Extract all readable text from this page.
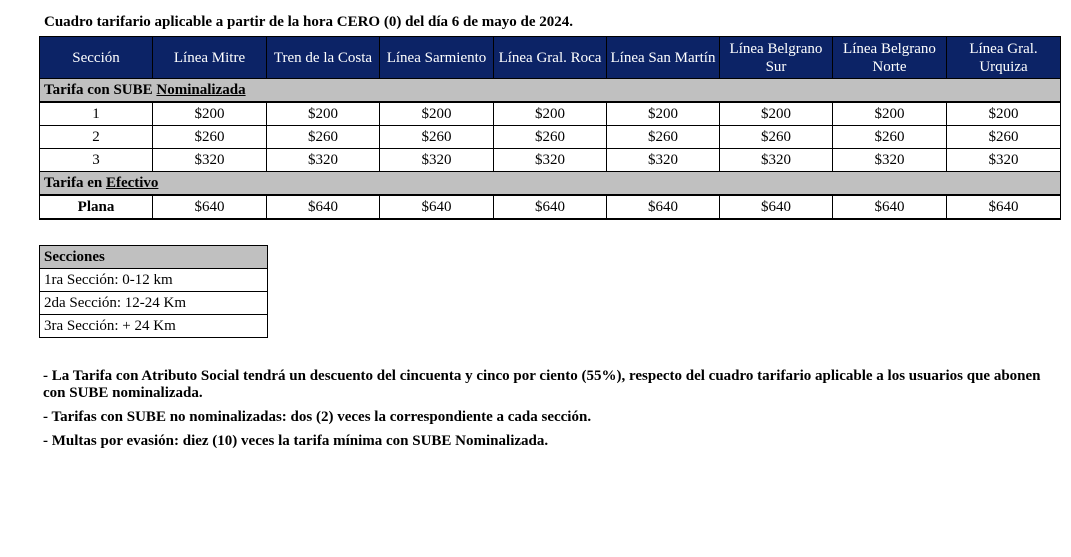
Cuadro tarifario aplicable a partir de la hora CERO (0) del día 6 de mayo de 2024.
Sección	Línea Mitre	Tren de la Costa	Línea Sarmiento	Línea Gral. Roca	Línea San Martín	Línea Belgrano Sur	Línea Belgrano Norte	Línea Gral. Urquiza
Tarifa con SUBE Nominalizada								
1	$200	$200	$200	$200	$200	$200	$200	$200
2	$260	$260	$260	$260	$260	$260	$260	$260
3	$320	$320	$320	$320	$320	$320	$320	$320
Tarifa en Efectivo								
Plana	$640	$640	$640	$640	$640	$640	$640	$640
Secciones
1ra Sección: 0-12 km
2da Sección: 12-24 Km
3ra Sección: + 24 Km

- La Tarifa con Atributo Social tendrá un descuento del cincuenta y cinco por ciento (55%), respecto del cuadro tarifario aplicable a los usuarios que abonen con SUBE nominalizada.

- Tarifas con SUBE no nominalizadas: dos (2) veces la correspondiente a cada sección.

- Multas por evasión: diez (10) veces la tarifa mínima con SUBE Nominalizada.
